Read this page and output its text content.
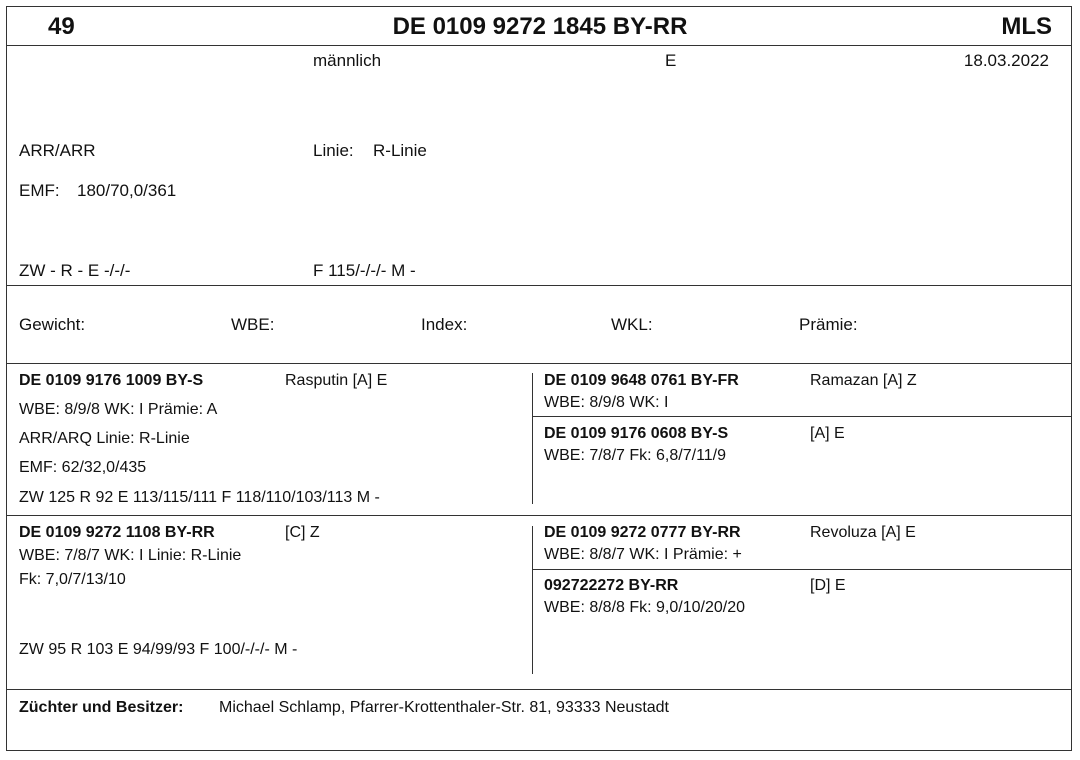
49	DE 0109 9272 1845 BY-RR	MLS
männlich	E	18.03.2022
ARR/ARR	Linie: R-Linie
EMF: 180/70,0/361
ZW - R - E -/-/-	F 115/-/-/- M -
Gewicht:	WBE:	Index:	WKL:	Prämie:
DE 0109 9176 1009 BY-S	Rasputin [A] E
WBE: 8/9/8 WK: I Prämie: A
ARR/ARQ Linie: R-Linie
EMF: 62/32,0/435
ZW 125 R 92 E 113/115/111 F 118/110/103/113 M -
DE 0109 9648 0761 BY-FR	Ramazan [A] Z
WBE: 8/9/8 WK: I
DE 0109 9176 0608 BY-S	[A] E
WBE: 7/8/7 Fk: 6,8/7/11/9
DE 0109 9272 1108 BY-RR	[C] Z
WBE: 7/8/7 WK: I Linie: R-Linie
Fk: 7,0/7/13/10
ZW 95 R 103 E 94/99/93 F 100/-/-/- M -
DE 0109 9272 0777 BY-RR	Revoluza [A] E
WBE: 8/8/7 WK: I Prämie: +
092722272 BY-RR	[D] E
WBE: 8/8/8 Fk: 9,0/10/20/20
Züchter und Besitzer: Michael Schlamp, Pfarrer-Krottenthaler-Str. 81, 93333 Neustadt
